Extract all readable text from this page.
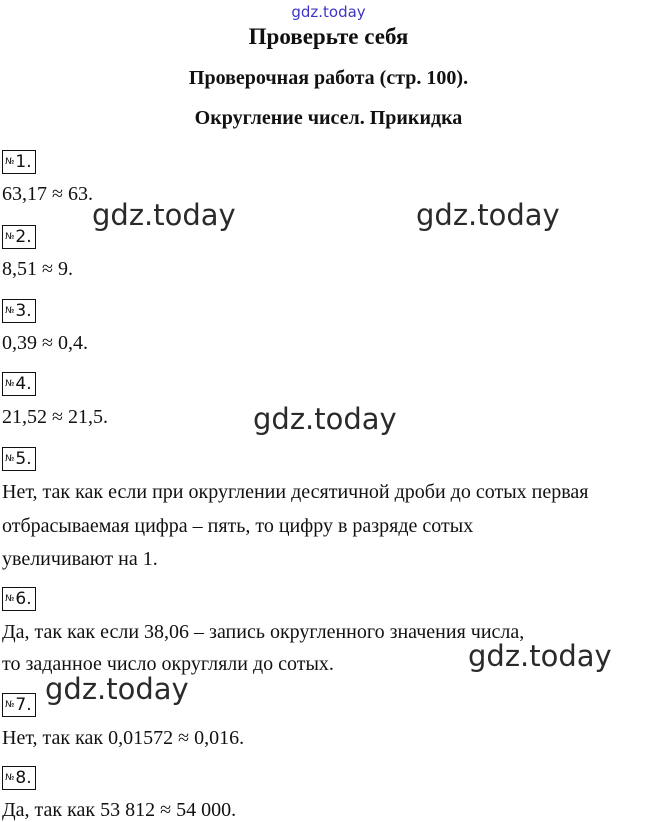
gdz.today
Проверьте себя
Проверочная работа (стр. 100).
Округление чисел. Прикидка
№1.
63,17 ≈ 63.
№2.
8,51 ≈ 9.
№3.
0,39 ≈ 0,4.
№4.
21,52 ≈ 21,5.
№5.
Нет, так как если при округлении десятичной дроби до сотых первая
отбрасываемая цифра – пять, то цифру в разряде сотых
увеличивают на 1.
№6.
Да, так как если 38,06 – запись округленного значения числа,
то заданное число округляли до сотых.
№7.
Нет, так как 0,01572 ≈ 0,016.
№8.
Да, так как 53 812 ≈ 54 000.
gdz.today	gdz.today
gdz.today
gdz.today
gdz.today
